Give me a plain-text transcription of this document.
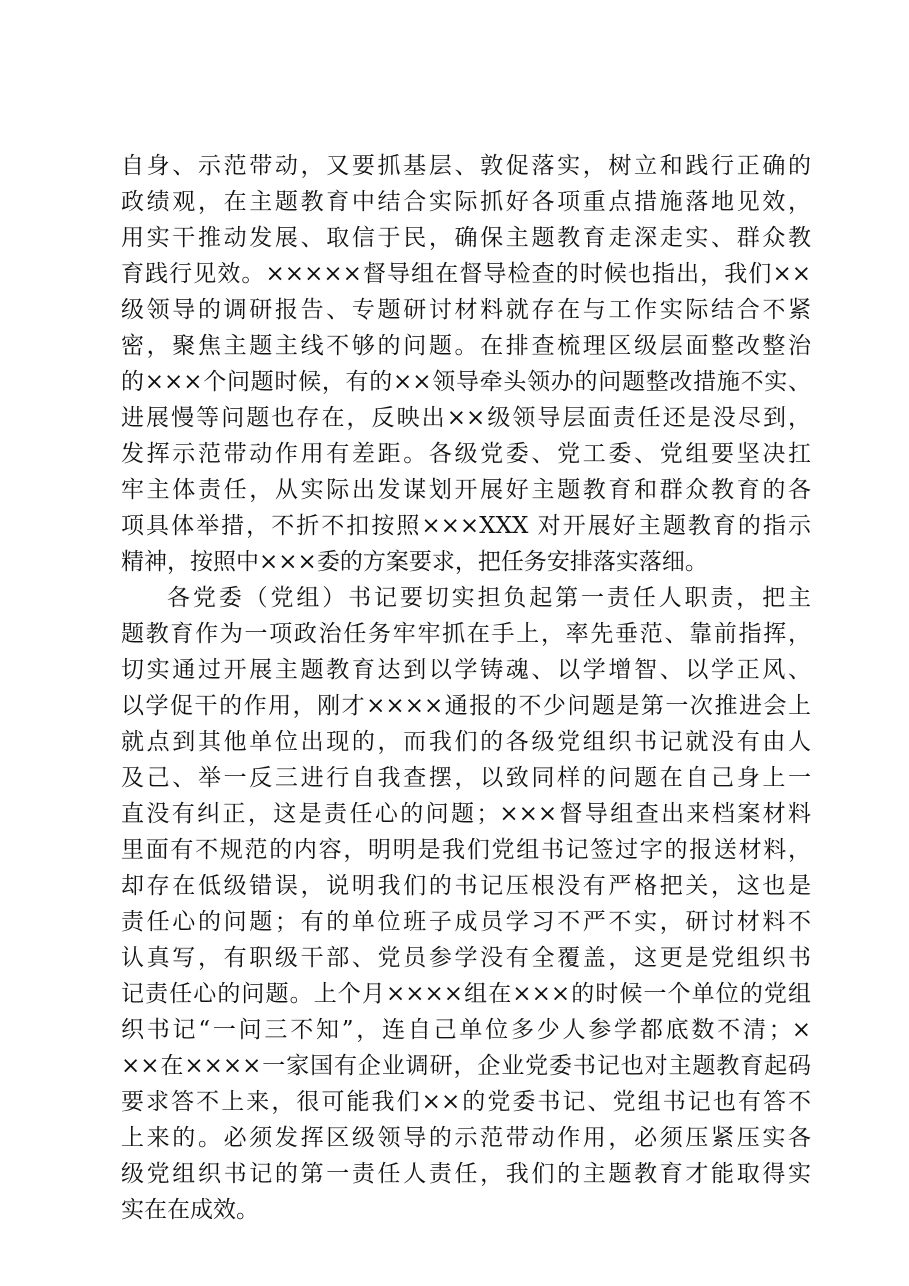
自身、示范带动，又要抓基层、敦促落实，树立和践行正确的
政绩观，在主题教育中结合实际抓好各项重点措施落地见效，
用实干推动发展、取信于民，确保主题教育走深走实、群众教
育践行见效。×××××督导组在督导检查的时候也指出，我们××
级领导的调研报告、专题研讨材料就存在与工作实际结合不紧
密，聚焦主题主线不够的问题。在排查梳理区级层面整改整治
的×××个问题时候，有的××领导牵头领办的问题整改措施不实、
进展慢等问题也存在，反映出××级领导层面责任还是没尽到，
发挥示范带动作用有差距。各级党委、党工委、党组要坚决扛
牢主体责任，从实际出发谋划开展好主题教育和群众教育的各
项具体举措，不折不扣按照×××XXX 对开展好主题教育的指示
精神，按照中×××委的方案要求，把任务安排落实落细。
各党委（党组）书记要切实担负起第一责任人职责，把主
题教育作为一项政治任务牢牢抓在手上，率先垂范、靠前指挥，
切实通过开展主题教育达到以学铸魂、以学增智、以学正风、
以学促干的作用，刚才××××通报的不少问题是第一次推进会上
就点到其他单位出现的，而我们的各级党组织书记就没有由人
及己、举一反三进行自我查摆，以致同样的问题在自己身上一
直没有纠正，这是责任心的问题；×××督导组查出来档案材料
里面有不规范的内容，明明是我们党组书记签过字的报送材料，
却存在低级错误，说明我们的书记压根没有严格把关，这也是
责任心的问题；有的单位班子成员学习不严不实，研讨材料不
认真写，有职级干部、党员参学没有全覆盖，这更是党组织书
记责任心的问题。上个月××××组在×××的时候一个单位的党组
织书记“一问三不知”，连自己单位多少人参学都底数不清；×
××在××××一家国有企业调研，企业党委书记也对主题教育起码
要求答不上来，很可能我们××的党委书记、党组书记也有答不
上来的。必须发挥区级领导的示范带动作用，必须压紧压实各
级党组织书记的第一责任人责任，我们的主题教育才能取得实
实在在成效。
